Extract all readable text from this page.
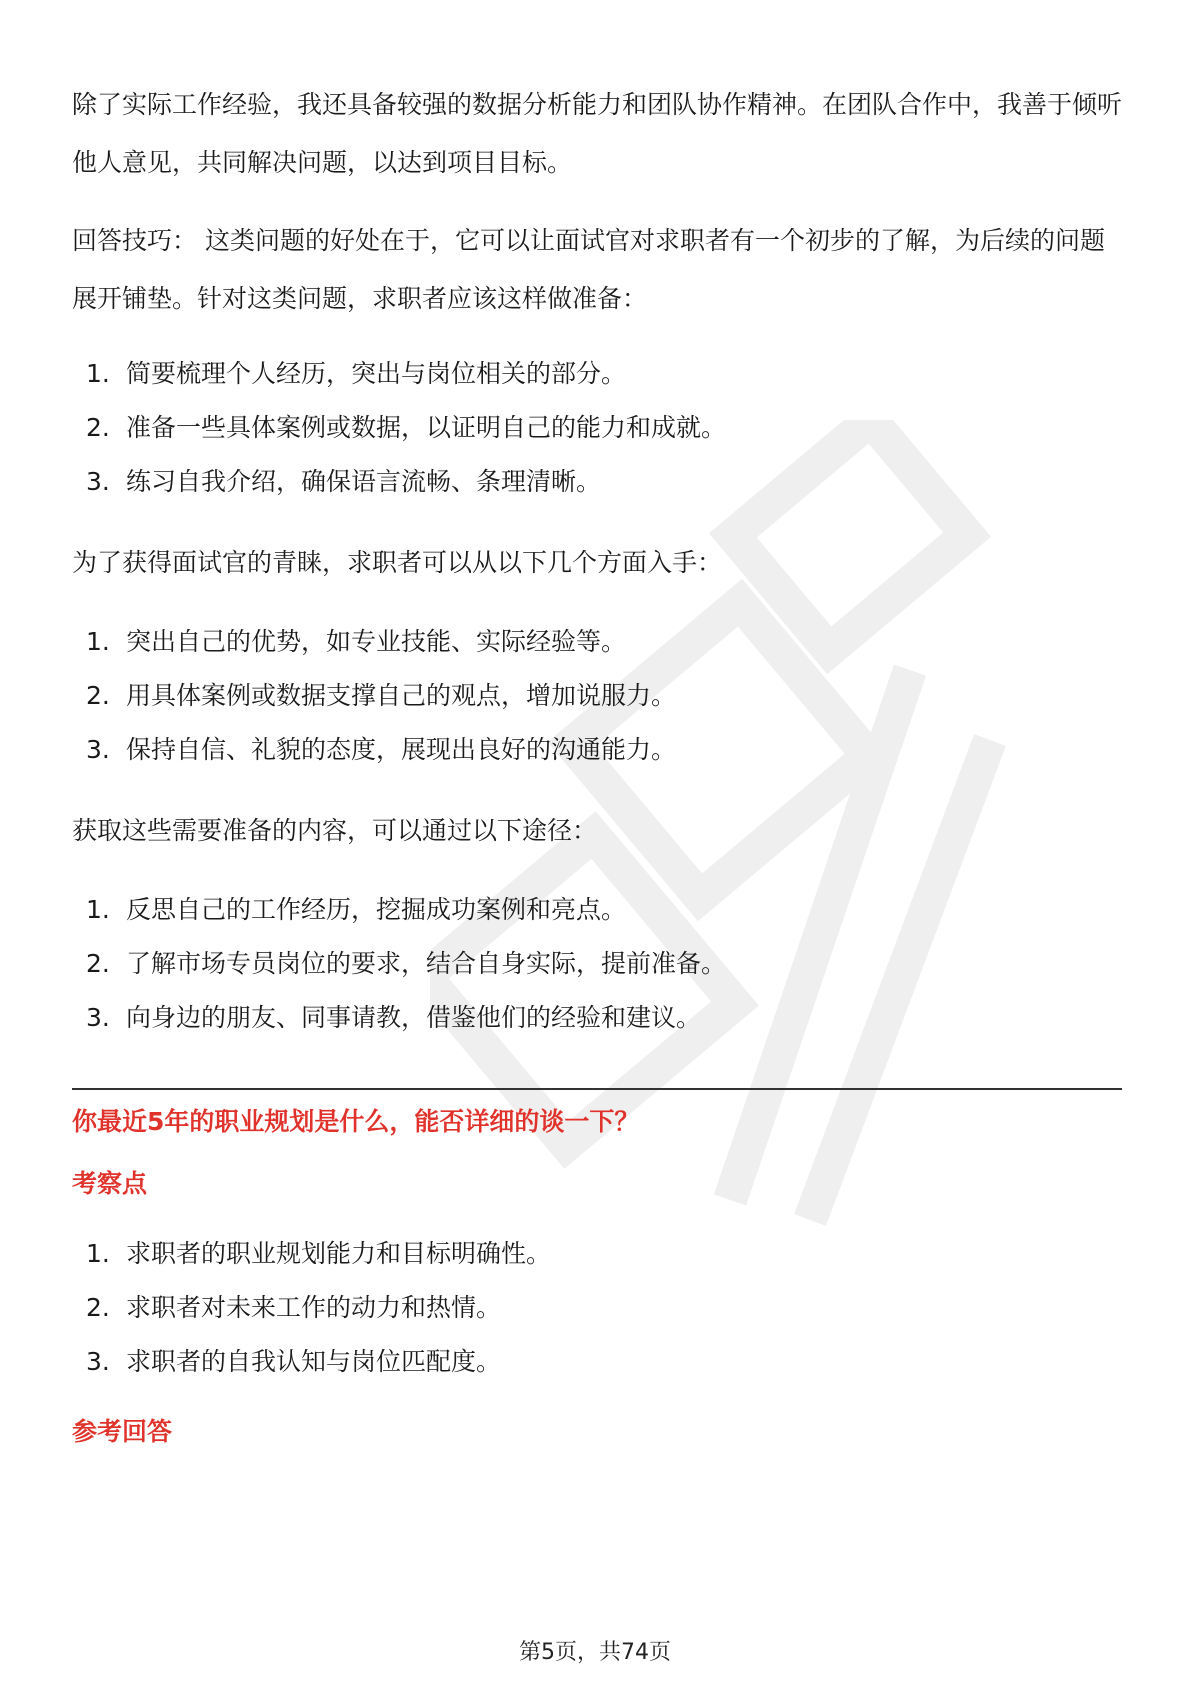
除了实际工作经验，我还具备较强的数据分析能力和团队协作精神。在团队合作中，我善于倾听他人意见，共同解决问题，以达到项目目标。

回答技巧： 这类问题的好处在于，它可以让面试官对求职者有一个初步的了解，为后续的问题展开铺垫。针对这类问题，求职者应该这样做准备：

1. 简要梳理个人经历，突出与岗位相关的部分。

2. 准备一些具体案例或数据，以证明自己的能力和成就。

3. 练习自我介绍，确保语言流畅、条理清晰。

为了获得面试官的青睐，求职者可以从以下几个方面入手：

1. 突出自己的优势，如专业技能、实际经验等。

2. 用具体案例或数据支撑自己的观点，增加说服力。

3. 保持自信、礼貌的态度，展现出良好的沟通能力。

获取这些需要准备的内容，可以通过以下途径：

1. 反思自己的工作经历，挖掘成功案例和亮点。

2. 了解市场专员岗位的要求，结合自身实际，提前准备。

3. 向身边的朋友、同事请教，借鉴他们的经验和建议。

你最近5年的职业规划是什么，能否详细的谈一下？

考察点

1. 求职者的职业规划能力和目标明确性。

2. 求职者对未来工作的动力和热情。

3. 求职者的自我认知与岗位匹配度。

参考回答

第5页，共74页
